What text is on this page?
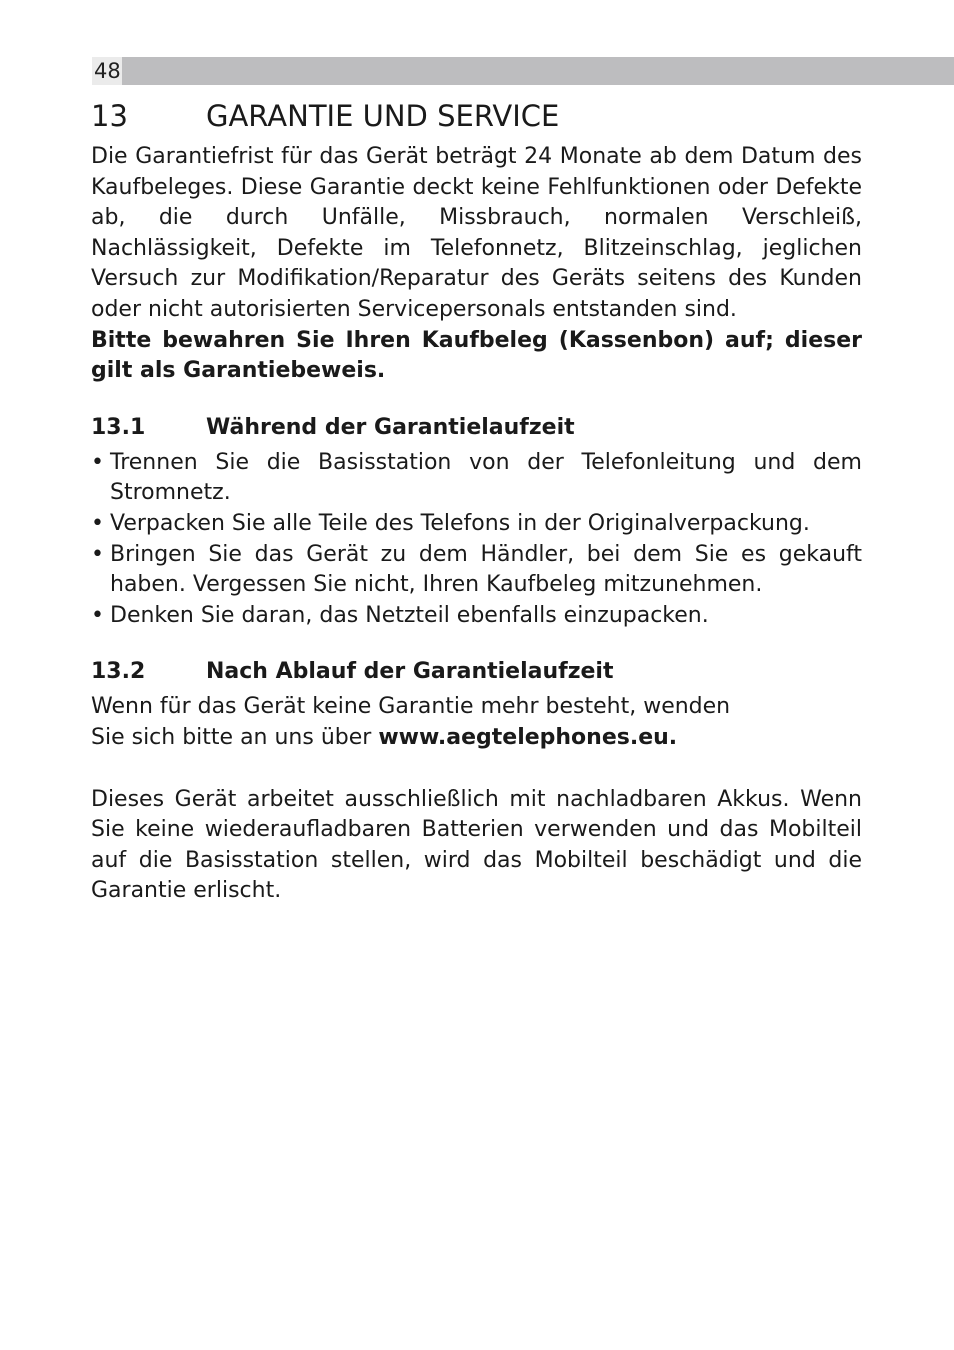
48
13	GARANTIE UND SERVICE

Die Garantiefrist für das Gerät beträgt 24 Monate ab dem Datum des Kaufbeleges. Diese Garantie deckt keine Fehlfunktionen oder Defekte ab, die durch Unfälle, Missbrauch, normalen Verschleiß, Nachlässigkeit, Defekte im Telefonnetz, Blitzeinschlag, jeglichen Versuch zur Modifikation/Reparatur des Geräts seitens des Kunden oder nicht autorisierten Servicepersonals entstanden sind.

Bitte bewahren Sie Ihren Kaufbeleg (Kassenbon) auf; dieser gilt als Garantiebeweis.

13.1	Während der Garantielaufzeit
• Trennen Sie die Basisstation von der Telefonleitung und dem Stromnetz.
• Verpacken Sie alle Teile des Telefons in der Originalverpackung.
• Bringen Sie das Gerät zu dem Händler, bei dem Sie es gekauft haben. Vergessen Sie nicht, Ihren Kaufbeleg mitzunehmen.
• Denken Sie daran, das Netzteil ebenfalls einzupacken.
13.2	Nach Ablauf der Garantielaufzeit

Wenn für das Gerät keine Garantie mehr besteht, wenden

Sie sich bitte an uns über www.aegtelephones.eu.

Dieses Gerät arbeitet ausschließlich mit nachladbaren Akkus. Wenn Sie keine wiederaufladbaren Batterien verwenden und das Mobilteil auf die Basisstation stellen, wird das Mobilteil beschädigt und die Garantie erlischt.
